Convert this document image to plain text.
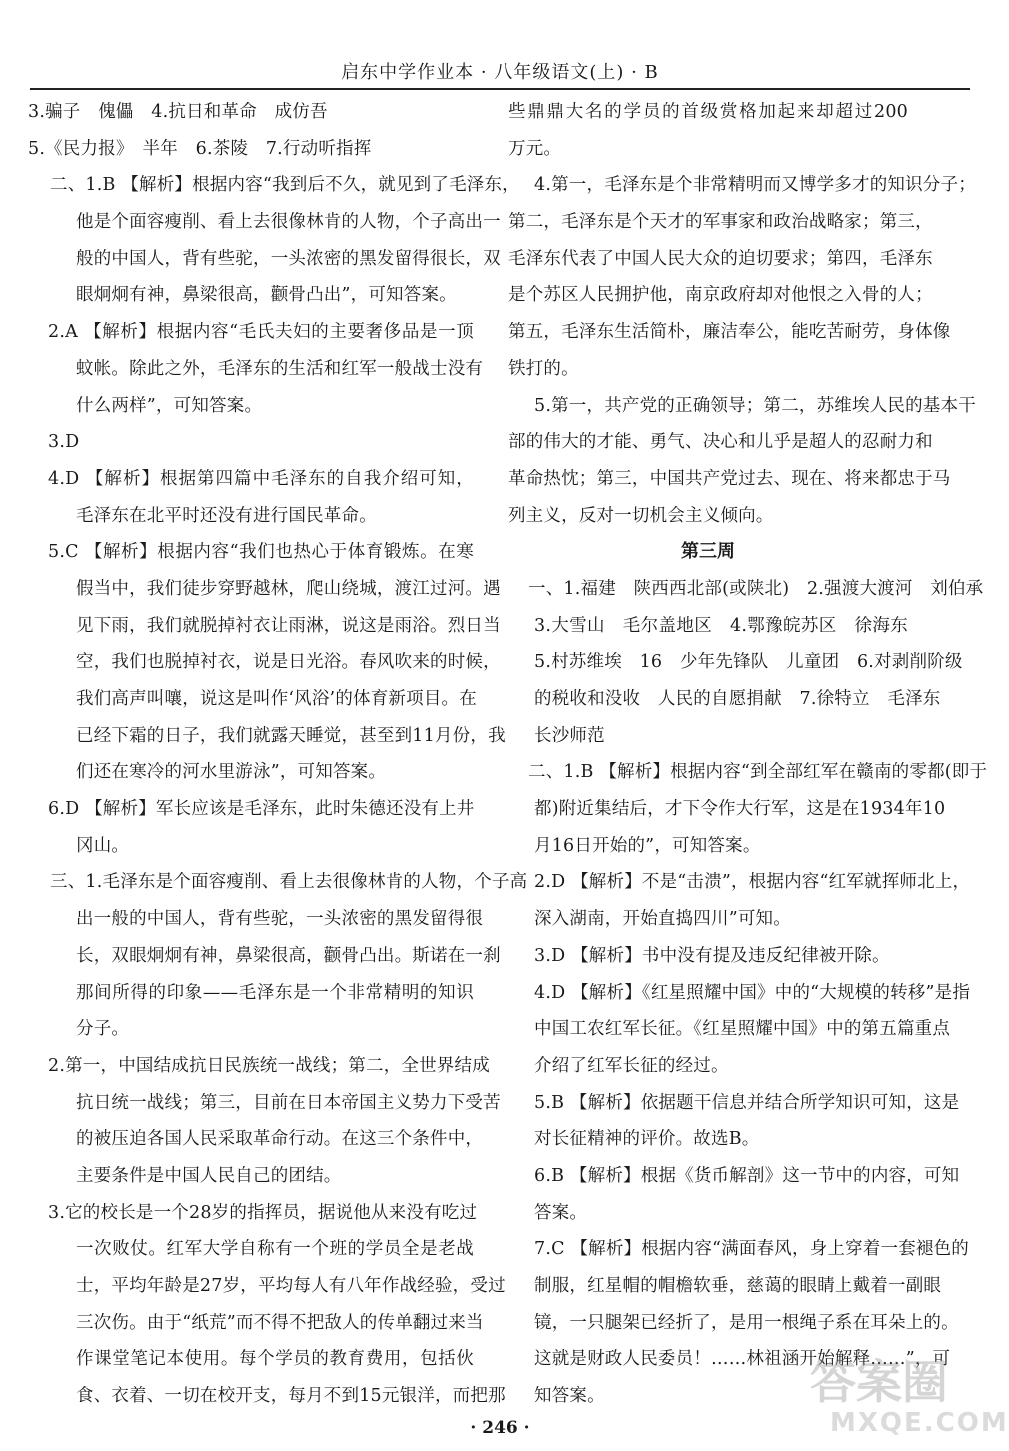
启东中学作业本 · 八年级语文(上) · B
3.骗子　傀儡　4.抗日和革命　成仿吾
5.《民力报》　半年　6.茶陵　7.行动听指挥
二、1.B 【解析】根据内容“我到后不久，就见到了毛泽东，
他是个面容瘦削、看上去很像林肯的人物，个子高出一
般的中国人，背有些驼，一头浓密的黑发留得很长，双
眼炯炯有神，鼻梁很高，颧骨凸出”，可知答案。
2.A 【解析】根据内容“毛氏夫妇的主要奢侈品是一顶
蚊帐。除此之外，毛泽东的生活和红军一般战士没有
什么两样”，可知答案。
3.D
4.D 【解析】根据第四篇中毛泽东的自我介绍可知，
毛泽东在北平时还没有进行国民革命。
5.C 【解析】根据内容“我们也热心于体育锻炼。在寒
假当中，我们徒步穿野越林，爬山绕城，渡江过河。遇
见下雨，我们就脱掉衬衣让雨淋，说这是雨浴。烈日当
空，我们也脱掉衬衣，说是日光浴。春风吹来的时候，
我们高声叫嚷，说这是叫作‘风浴’的体育新项目。在
已经下霜的日子，我们就露天睡觉，甚至到11月份，我
们还在寒冷的河水里游泳”，可知答案。
6.D 【解析】军长应该是毛泽东，此时朱德还没有上井
冈山。
三、1.毛泽东是个面容瘦削、看上去很像林肯的人物，个子高
出一般的中国人，背有些驼，一头浓密的黑发留得很
长，双眼炯炯有神，鼻梁很高，颧骨凸出。斯诺在一刹
那间所得的印象——毛泽东是一个非常精明的知识
分子。
2.第一，中国结成抗日民族统一战线；第二，全世界结成
抗日统一战线；第三，目前在日本帝国主义势力下受苦
的被压迫各国人民采取革命行动。在这三个条件中，
主要条件是中国人民自己的团结。
3.它的校长是一个28岁的指挥员，据说他从来没有吃过
一次败仗。红军大学自称有一个班的学员全是老战
士，平均年龄是27岁，平均每人有八年作战经验，受过
三次伤。由于“纸荒”而不得不把敌人的传单翻过来当
作课堂笔记本使用。每个学员的教育费用，包括伙
食、衣着、一切在校开支，每月不到15元银洋，而把那
些鼎鼎大名的学员的首级赏格加起来却超过200
万元。
4.第一，毛泽东是个非常精明而又博学多才的知识分子；
第二，毛泽东是个天才的军事家和政治战略家；第三，
毛泽东代表了中国人民大众的迫切要求；第四，毛泽东
是个苏区人民拥护他，南京政府却对他恨之入骨的人；
第五，毛泽东生活简朴，廉洁奉公，能吃苦耐劳，身体像
铁打的。
5.第一，共产党的正确领导；第二，苏维埃人民的基本干
部的伟大的才能、勇气、决心和儿乎是超人的忍耐力和
革命热忱；第三，中国共产党过去、现在、将来都忠于马
列主义，反对一切机会主义倾向。
第三周
一、1.福建　陕西西北部(或陕北)　2.强渡大渡河　刘伯承
3.大雪山　毛尔盖地区　4.鄂豫皖苏区　徐海东
5.村苏维埃　16　少年先锋队　儿童团　6.对剥削阶级
的税收和没收　人民的自愿捐献　7.徐特立　毛泽东
长沙师范
二、1.B 【解析】根据内容“到全部红军在赣南的零都(即于
都)附近集结后，才下令作大行军，这是在1934年10
月16日开始的”，可知答案。
2.D 【解析】不是“击溃”，根据内容“红军就挥师北上，
深入湖南，开始直捣四川”可知。
3.D 【解析】书中没有提及违反纪律被开除。
4.D 【解析】《红星照耀中国》中的“大规模的转移”是指
中国工农红军长征。《红星照耀中国》中的第五篇重点
介绍了红军长征的经过。
5.B 【解析】依据题干信息并结合所学知识可知，这是
对长征精神的评价。故选B。
6.B 【解析】根据《货币解剖》这一节中的内容，可知
答案。
7.C 【解析】根据内容“满面春风，身上穿着一套褪色的
制服，红星帽的帽檐软垂，慈蔼的眼睛上戴着一副眼
镜，一只腿架已经折了，是用一根绳子系在耳朵上的。
这就是财政人民委员！……林祖涵开始解释……”，可
知答案。
· 246 ·
答案圈
MXQE.COM
